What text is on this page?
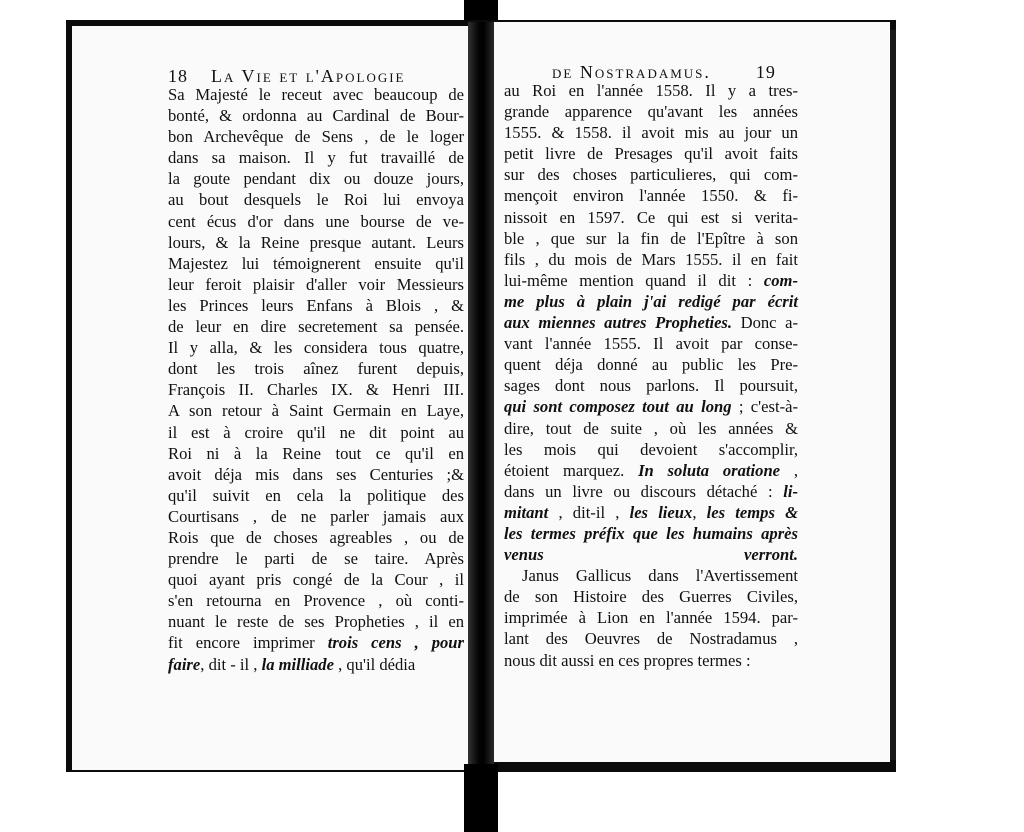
18 La Vie et l'Apologie
Sa Majesté le receut avec beaucoup de
bonté, & ordonna au Cardinal de Bour-
bon Archevêque de Sens , de le loger
dans sa maison. Il y fut travaillé de
la goute pendant dix ou douze jours,
au bout desquels le Roi lui envoya
cent écus d'or dans une bourse de ve-
lours, & la Reine presque autant. Leurs
Majestez lui témoignerent ensuite qu'il
leur feroit plaisir d'aller voir Messieurs
les Princes leurs Enfans à Blois , &
de leur en dire secretement sa pensée.
Il y alla, & les considera tous quatre,
dont les trois aînez furent depuis,
François II. Charles IX. & Henri III.
A son retour à Saint Germain en Laye,
il est à croire qu'il ne dit point au
Roi ni à la Reine tout ce qu'il en
avoit déja mis dans ses Centuries ;&
qu'il suivit en cela la politique des
Courtisans , de ne parler jamais aux
Rois que de choses agreables , ou de
prendre le parti de se taire. Après
quoi ayant pris congé de la Cour , il
s'en retourna en Provence , où conti-
nuant le reste de ses Propheties , il en
fit encore imprimer trois cens , pour
faire, dit - il , la milliade , qu'il dédia
de Nostradamus.	19
au Roi en l'année 1558. Il y a tres-
grande apparence qu'avant les années
1555. & 1558. il avoit mis au jour un
petit livre de Presages qu'il avoit faits
sur des choses particulieres, qui com-
mençoit environ l'année 1550. & fi-
nissoit en 1597. Ce qui est si verita-
ble , que sur la fin de l'Epître à son
fils , du mois de Mars 1555. il en fait
lui-même mention quand il dit : com-
me plus à plain j'ai redigé par écrit
aux miennes autres Propheties. Donc a-
vant l'année 1555. Il avoit par conse-
quent déja donné au public les Pre-
sages dont nous parlons. Il poursuit,
qui sont composez tout au long ; c'est-à-
dire, tout de suite , où les années &
les mois qui devoient s'accomplir,
étoient marquez. In soluta oratione ,
dans un livre ou discours détaché : li-
mitant , dit-il , les lieux, les temps &
les termes préfix que les humains après
venus verront.
Janus Gallicus dans l'Avertissement
de son Histoire des Guerres Civiles,
imprimée à Lion en l'année 1594. par-
lant des Oeuvres de Nostradamus ,
nous dit aussi en ces propres termes :
